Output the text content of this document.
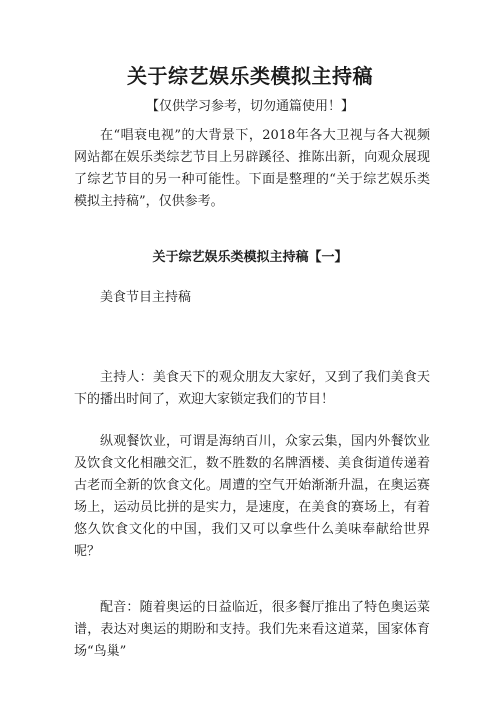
关于综艺娱乐类模拟主持稿
【仅供学习参考，切勿通篇使用！】

在“唱衰电视”的大背景下，2018年各大卫视与各大视频网站都在娱乐类综艺节目上另辟蹊径、推陈出新，向观众展现了综艺节目的另一种可能性。下面是整理的“关于综艺娱乐类模拟主持稿”，仅供参考。

关于综艺娱乐类模拟主持稿【一】

美食节目主持稿

主持人：美食天下的观众朋友大家好，又到了我们美食天下的播出时间了，欢迎大家锁定我们的节目！

纵观餐饮业，可谓是海纳百川，众家云集，国内外餐饮业及饮食文化相融交汇，数不胜数的名牌酒楼、美食街道传递着古老而全新的饮食文化。周遭的空气开始渐渐升温，在奥运赛场上，运动员比拼的是实力，是速度，在美食的赛场上，有着悠久饮食文化的中国，我们又可以拿些什么美味奉献给世界呢？

配音：随着奥运的日益临近，很多餐厅推出了特色奥运菜谱，表达对奥运的期盼和支持。我们先来看这道菜，国家体育场“鸟巢”
